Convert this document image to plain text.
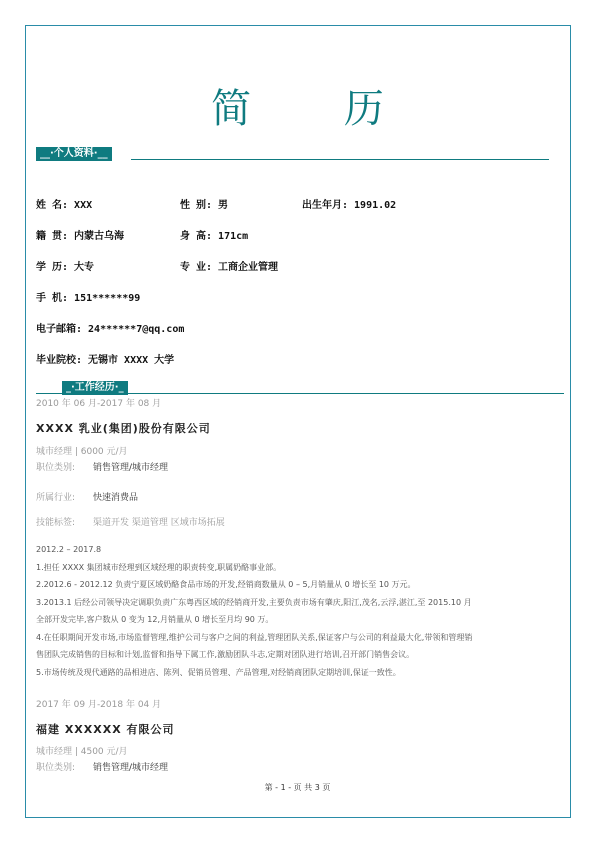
简 历
__·个人资料·__
姓 名: XXX	性 别: 男	出生年月: 1991.02
籍 贯: 内蒙古乌海	身 高: 171cm
学 历: 大专	专 业: 工商企业管理
手 机: 151******99
电子邮箱: 24******7@qq.com
毕业院校: 无锡市 XXXX 大学
_·工作经历·_
2010 年 06 月-2017 年 08 月
XXXX 乳业(集团)股份有限公司
城市经理 | 6000 元/月
职位类别: 销售管理/城市经理
所属行业: 快速消费品
技能标签: 渠道开发 渠道管理 区域市场拓展
2012.2 – 2017.8
1.担任 XXXX 集团城市经理到区域经理的职责转变,职属奶酪事业部。
2.2012.6 - 2012.12 负责宁夏区域奶酪食品市场的开发,经销商数量从 0 – 5,月销量从 0 增长至 10 万元。
3.2013.1 后经公司领导决定调职负责广东粤西区域的经销商开发,主要负责市场有肇庆,阳江,茂名,云浮,湛江,至 2015.10 月
全部开发完毕,客户数从 0 变为 12,月销量从 0 增长至月均 90 万。
4.在任职期间开发市场,市场监督管理,维护公司与客户之间的利益,管理团队关系,保证客户与公司的利益最大化,带领和管理销
售团队完成销售的目标和计划,监督和指导下属工作,激励团队斗志,定期对团队进行培训,召开部门销售会议。
5.市场传统及现代通路的品相进店、陈列、促销员管理、产品管理,对经销商团队定期培训,保证一致性。
2017 年 09 月-2018 年 04 月
福建 XXXXXX 有限公司
城市经理 | 4500 元/月
职位类别: 销售管理/城市经理
第 - 1 - 页 共 3 页
